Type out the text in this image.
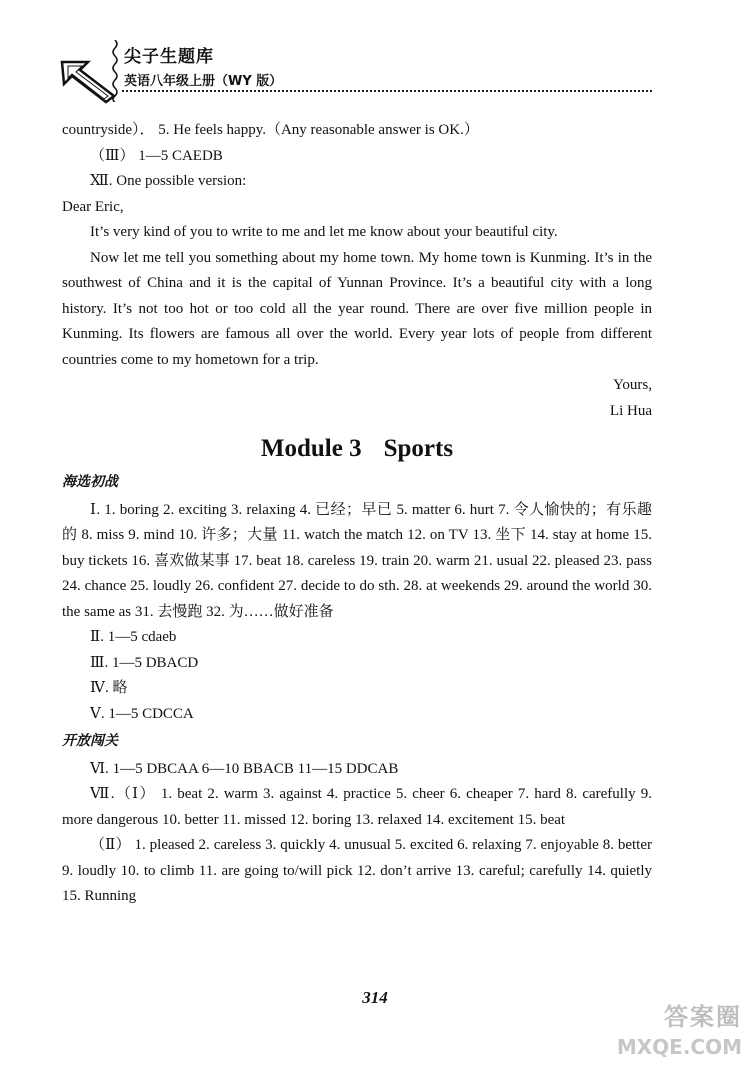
尖子生题库
英语八年级上册（WY 版）

countryside）． 5. He feels happy.（Any reasonable answer is OK.）

（Ⅲ） 1—5 CAEDB

Ⅻ. One possible version:

Dear Eric,

It’s very kind of you to write to me and let me know about your beautiful city.

Now let me tell you something about my home town. My home town is Kunming. It’s in the southwest of China and it is the capital of Yunnan Province. It’s a beautiful city with a long history. It’s not too hot or too cold all the year round. There are over five million people in Kunming. Its flowers are famous all over the world. Every year lots of people from different countries come to my hometown for a trip.

Yours,

Li Hua

Module 3 Sports
海选初战

Ⅰ. 1. boring 2. exciting 3. relaxing 4. 已经；早已 5. matter 6. hurt 7. 令人愉快的；有乐趣的 8. miss 9. mind 10. 许多；大量 11. watch the match 12. on TV 13. 坐下 14. stay at home 15. buy tickets 16. 喜欢做某事 17. beat 18. careless 19. train 20. warm 21. usual 22. pleased 23. pass 24. chance 25. loudly 26. confident 27. decide to do sth. 28. at weekends 29. around the world 30. the same as 31. 去慢跑 32. 为……做好准备

Ⅱ. 1—5 cdaeb

Ⅲ. 1—5 DBACD

Ⅳ. 略

Ⅴ. 1—5 CDCCA

开放闯关

Ⅵ. 1—5 DBCAA 6—10 BBACB 11—15 DDCAB

Ⅶ.（Ⅰ） 1. beat 2. warm 3. against 4. practice 5. cheer 6. cheaper 7. hard 8. carefully 9. more dangerous 10. better 11. missed 12. boring 13. relaxed 14. excitement 15. beat

（Ⅱ） 1. pleased 2. careless 3. quickly 4. unusual 5. excited 6. relaxing 7. enjoyable 8. better 9. loudly 10. to climb 11. are going to/will pick 12. don’t arrive 13. careful; carefully 14. quietly 15. Running

314
答案圈
MXQE.COM
